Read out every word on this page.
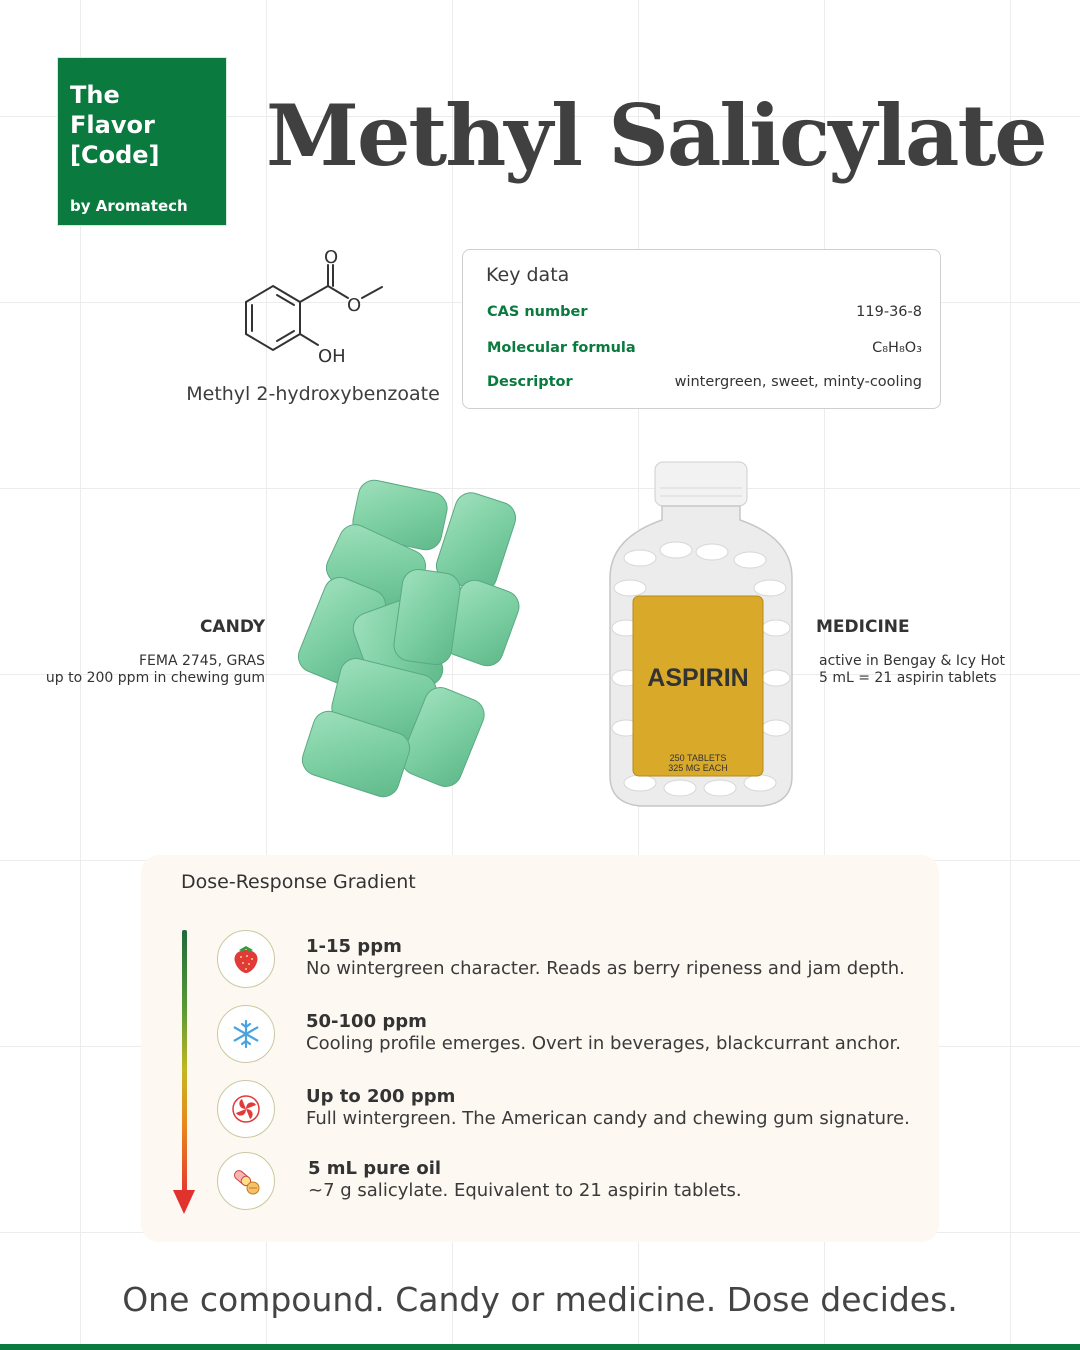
The
Flavor
[Code]
by Aromatech
Methyl Salicylate
O
O
OH
Methyl 2-hydroxybenzoate
Key data
CAS number	119-36-8
Molecular formula	C₈H₈O₃
Descriptor	wintergreen, sweet, minty-cooling
CANDY
FEMA 2745, GRAS
up to 200 ppm in chewing gum	ASPIRIN
250 TABLETS
325 MG EACH
MEDICINE
active in Bengay & Icy Hot
5 mL = 21 aspirin tablets
Dose-Response Gradient
1-15 ppm
No wintergreen character. Reads as berry ripeness and jam depth.
50-100 ppm
Cooling profile emerges. Overt in beverages, blackcurrant anchor.
Up to 200 ppm
Full wintergreen. The American candy and chewing gum signature.
5 mL pure oil
~7 g salicylate. Equivalent to 21 aspirin tablets.
One compound. Candy or medicine. Dose decides.
